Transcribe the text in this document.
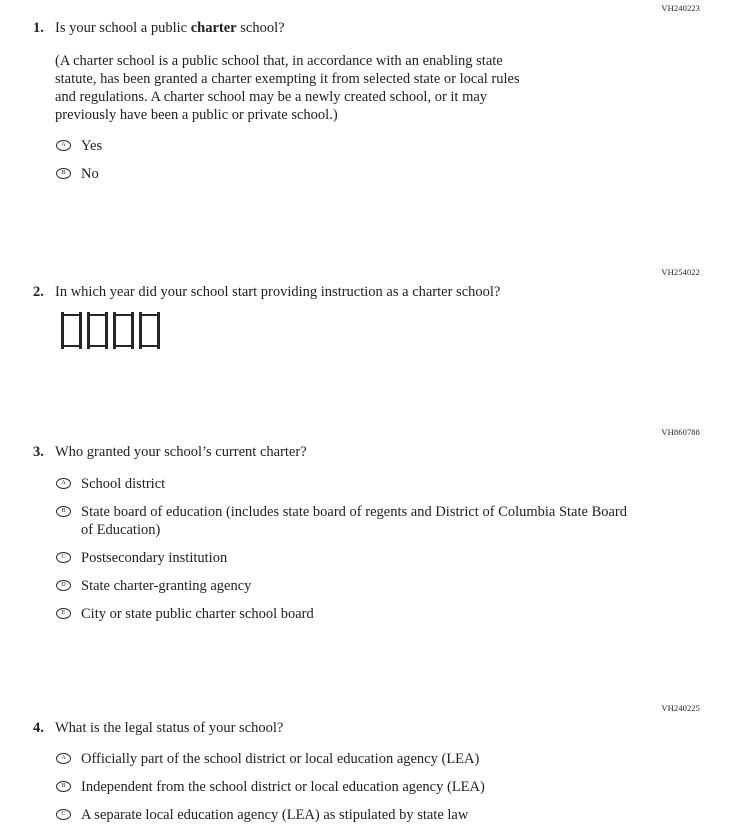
VH240223
1. Is your school a public charter school?
(A charter school is a public school that, in accordance with an enabling state
statute, has been granted a charter exempting it from selected state or local rules
and regulations. A charter school may be a newly created school, or it may
previously have been a public or private school.)
A Yes
B No
VH254022
2. In which year did your school start providing instruction as a charter school?
VH860788
3. Who granted your school’s current charter?
A School district
B State board of education (includes state board of regents and District of Columbia State Board
of Education)
C Postsecondary institution
D State charter-granting agency
E City or state public charter school board
VH240225
4. What is the legal status of your school?
A Officially part of the school district or local education agency (LEA)
B Independent from the school district or local education agency (LEA)
C A separate local education agency (LEA) as stipulated by state law
